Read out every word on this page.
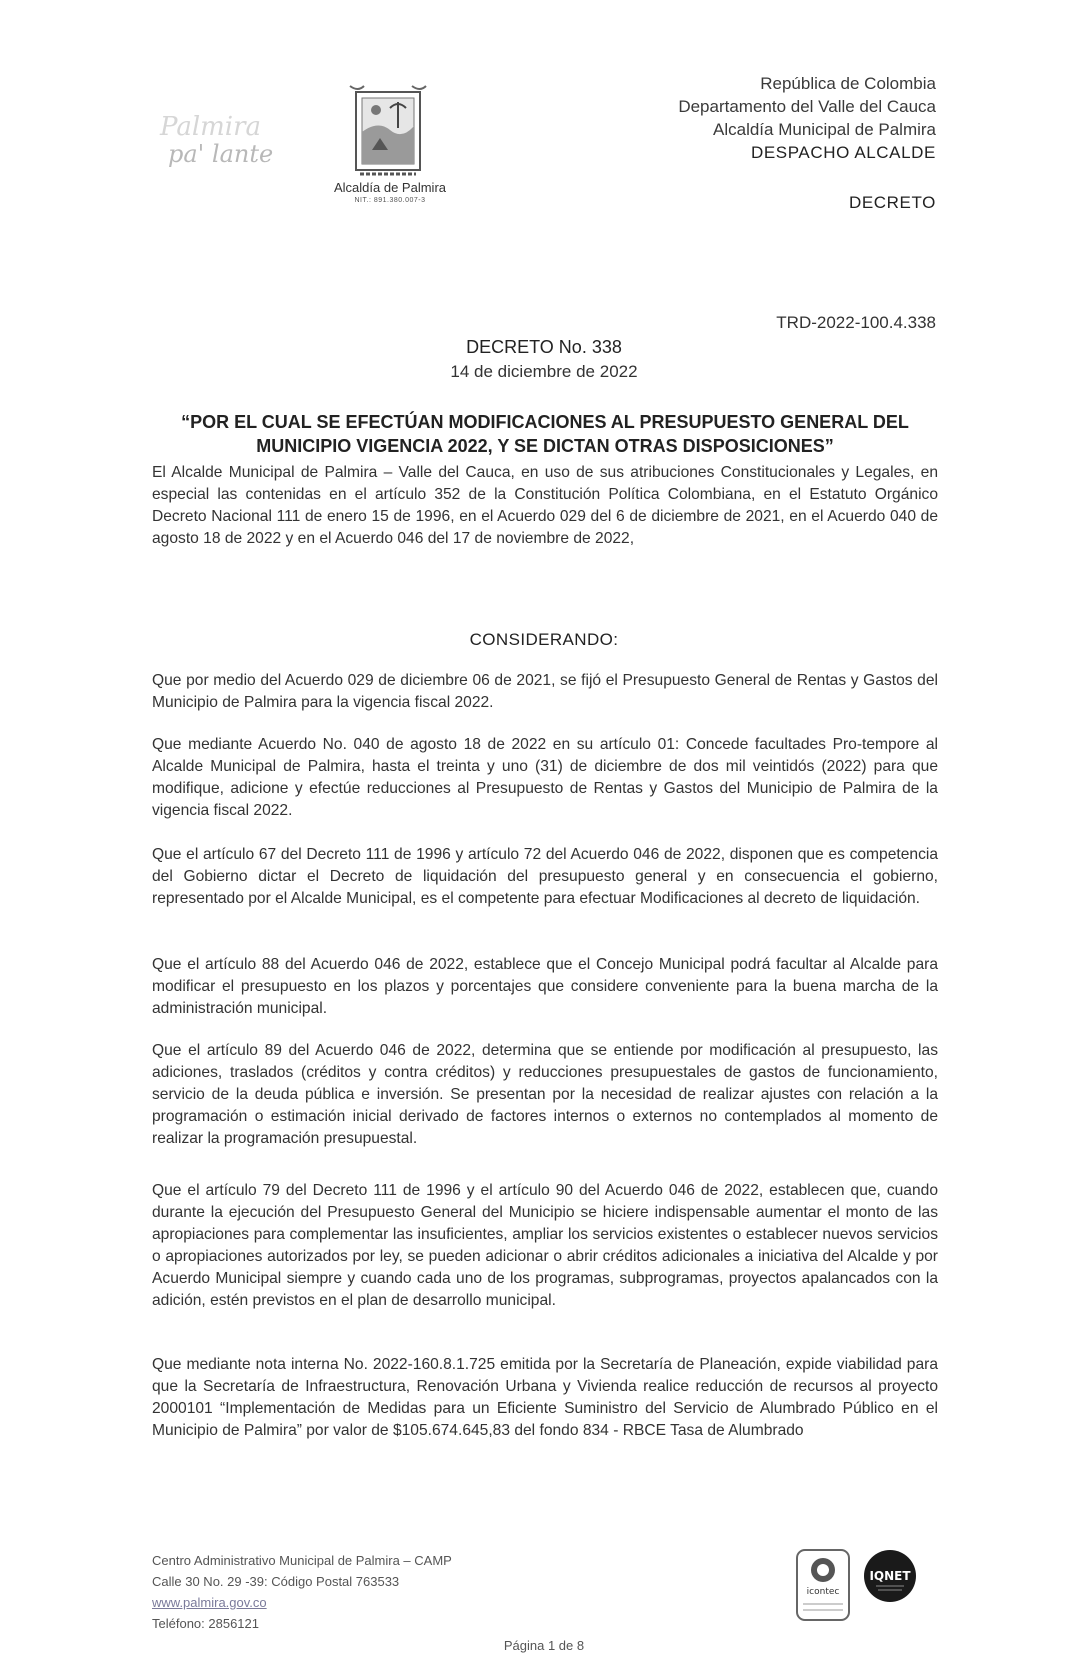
Palmira
pa' lante
Alcaldía de Palmira
NIT.: 891.380.007-3
República de Colombia
Departamento del Valle del Cauca
Alcaldía Municipal de Palmira
DESPACHO ALCALDE
DECRETO
TRD-2022-100.4.338
DECRETO No. 338
14 de diciembre de 2022
“POR EL CUAL SE EFECTÚAN MODIFICACIONES AL PRESUPUESTO GENERAL DEL
MUNICIPIO VIGENCIA 2022, Y SE DICTAN OTRAS DISPOSICIONES”
El Alcalde Municipal de Palmira – Valle del Cauca, en uso de sus atribuciones Constitucionales y Legales, en especial las contenidas en el artículo 352 de la Constitución Política Colombiana, en el Estatuto Orgánico Decreto Nacional 111 de enero 15 de 1996, en el Acuerdo 029 del 6 de diciembre de 2021, en el Acuerdo 040 de agosto 18 de 2022 y en el Acuerdo 046 del 17 de noviembre de 2022,
CONSIDERANDO:
Que por medio del Acuerdo 029 de diciembre 06 de 2021, se fijó el Presupuesto General de Rentas y Gastos del Municipio de Palmira para la vigencia fiscal 2022.
Que mediante Acuerdo No. 040 de agosto 18 de 2022 en su artículo 01: Concede facultades Pro-tempore al Alcalde Municipal de Palmira, hasta el treinta y uno (31) de diciembre de dos mil veintidós (2022) para que modifique, adicione y efectúe reducciones al Presupuesto de Rentas y Gastos del Municipio de Palmira de la vigencia fiscal 2022.
Que el artículo 67 del Decreto 111 de 1996 y artículo 72 del Acuerdo 046 de 2022, disponen que es competencia del Gobierno dictar el Decreto de liquidación del presupuesto general y en consecuencia el gobierno, representado por el Alcalde Municipal, es el competente para efectuar Modificaciones al decreto de liquidación.
Que el artículo 88 del Acuerdo 046 de 2022, establece que el Concejo Municipal podrá facultar al Alcalde para modificar el presupuesto en los plazos y porcentajes que considere conveniente para la buena marcha de la administración municipal.
Que el artículo 89 del Acuerdo 046 de 2022, determina que se entiende por modificación al presupuesto, las adiciones, traslados (créditos y contra créditos) y reducciones presupuestales de gastos de funcionamiento, servicio de la deuda pública e inversión. Se presentan por la necesidad de realizar ajustes con relación a la programación o estimación inicial derivado de factores internos o externos no contemplados al momento de realizar la programación presupuestal.
Que el artículo 79 del Decreto 111 de 1996 y el artículo 90 del Acuerdo 046 de 2022, establecen que, cuando durante la ejecución del Presupuesto General del Municipio se hiciere indispensable aumentar el monto de las apropiaciones para complementar las insuficientes, ampliar los servicios existentes o establecer nuevos servicios o apropiaciones autorizados por ley, se pueden adicionar o abrir créditos adicionales a iniciativa del Alcalde y por Acuerdo Municipal siempre y cuando cada uno de los programas, subprogramas, proyectos apalancados con la adición, estén previstos en el plan de desarrollo municipal.
Que mediante nota interna No. 2022-160.8.1.725 emitida por la Secretaría de Planeación, expide viabilidad para que la Secretaría de Infraestructura, Renovación Urbana y Vivienda realice reducción de recursos al proyecto 2000101 “Implementación de Medidas para un Eficiente Suministro del Servicio de Alumbrado Público en el Municipio de Palmira” por valor de $105.674.645,83 del fondo 834 - RBCE Tasa de Alumbrado
Centro Administrativo Municipal de Palmira – CAMP
Calle 30 No. 29 -39: Código Postal 763533
www.palmira.gov.co
Teléfono: 2856121
icontec
IQNET
Página 1 de 8
